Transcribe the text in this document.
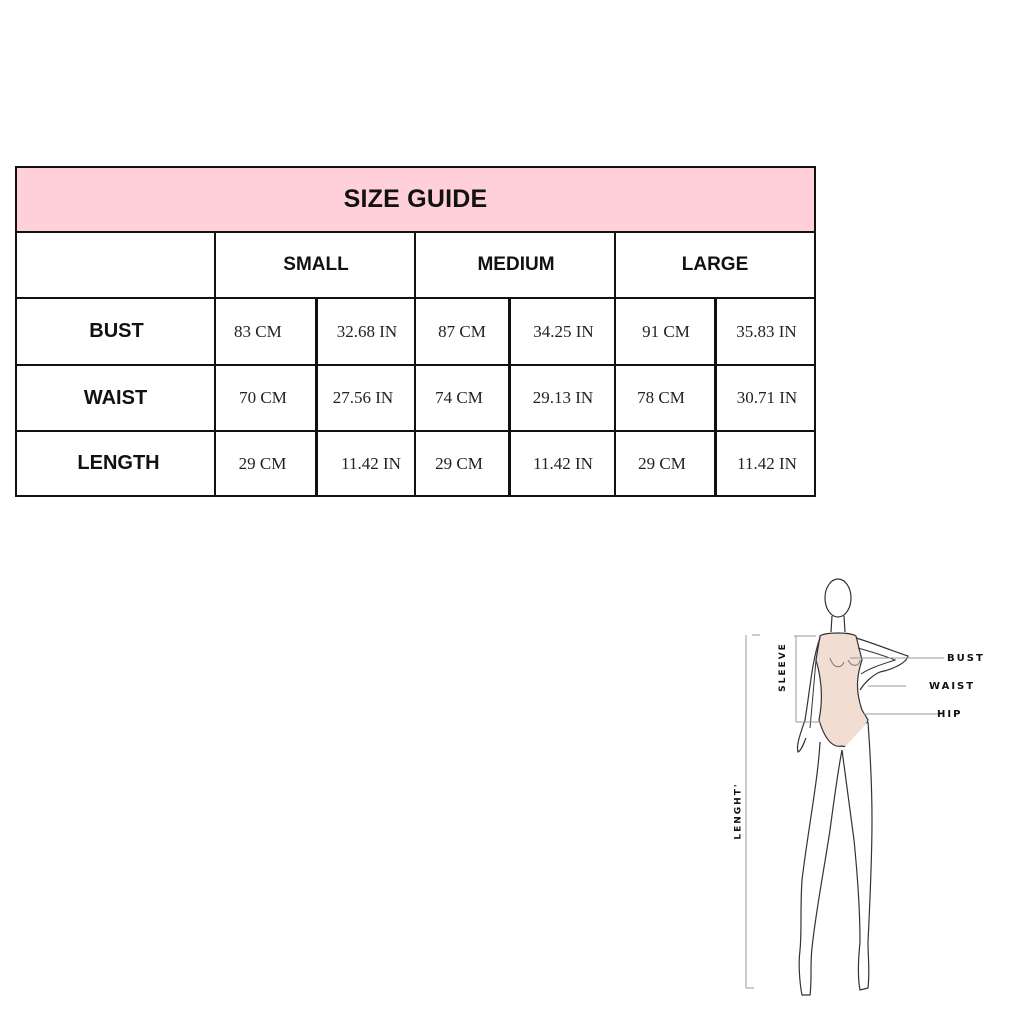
SIZE GUIDE
SMALL	MEDIUM	LARGE
BUST	83 CM	32.68 IN	87 CM	34.25 IN	91 CM	35.83 IN
WAIST	70 CM	27.56 IN	74 CM	29.13 IN	78 CM	30.71 IN
LENGTH	29 CM	11.42 IN	29 CM	11.42 IN	29 CM	11.42 IN
BUST
WAIST
HIP
SLEEVE
LENGHT'
